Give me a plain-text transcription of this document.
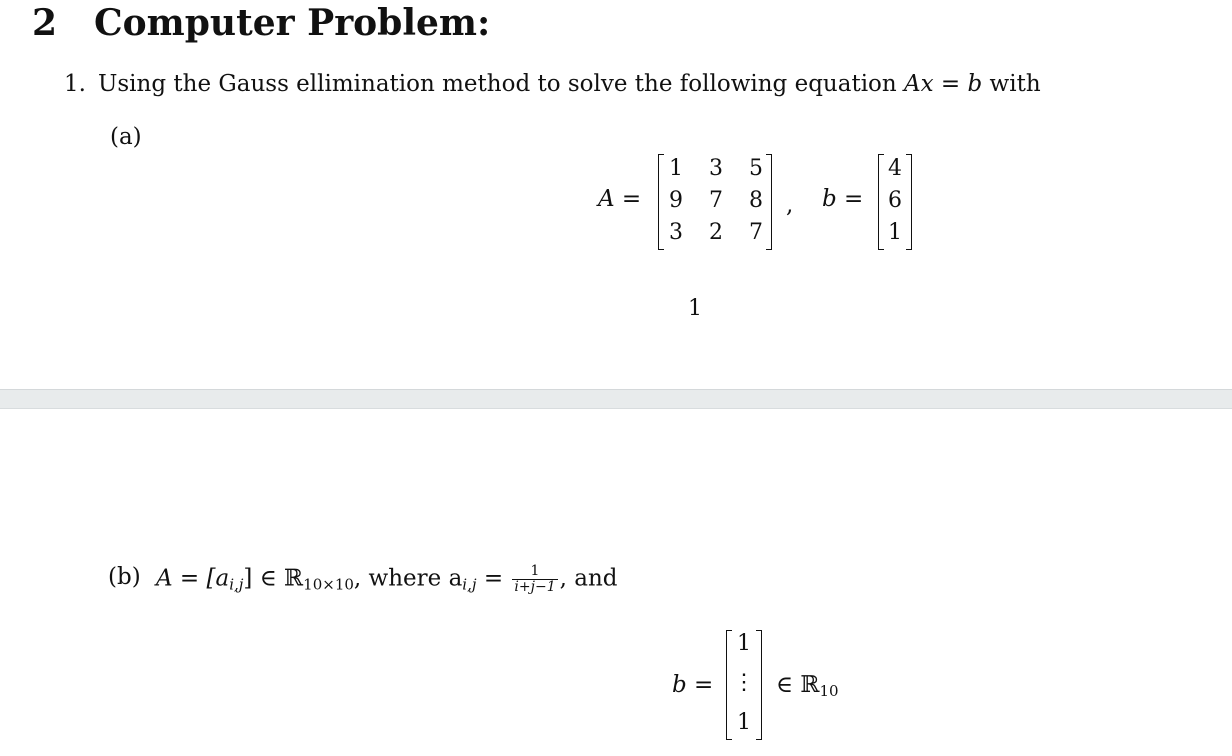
2 Computer Problem:
1. Using the Gauss ellimination method to solve the following equation Ax = b with
(a)
A =
1 3 5
9 7 8
3 2 7
, b =
4
6
1
1
(b) $A = [a_{i,j}]$ ∈ ℝ$_{10\times 10}$, where $a_{i,j} = \frac{1}{i+j-1}$ , and
b =
1
⋮
1
∈ ℝ$_{10}$
